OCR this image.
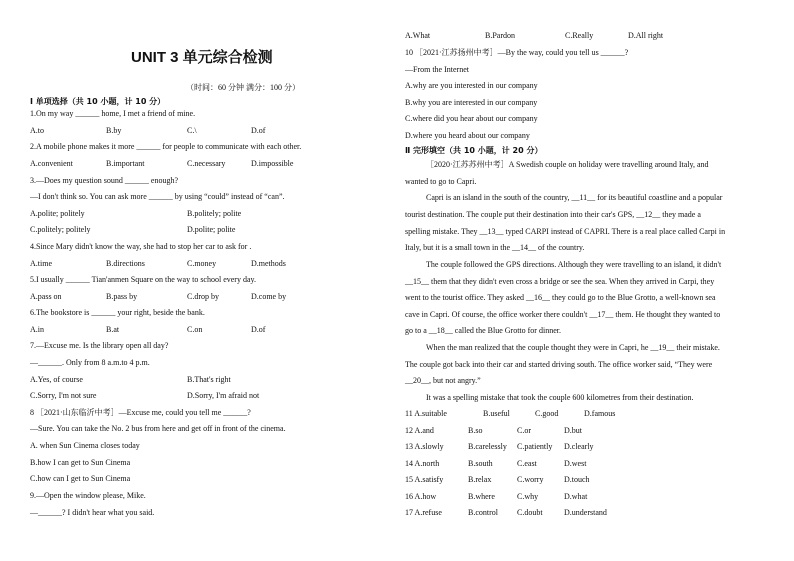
UNIT 3 单元综合检测
（时间：60 分钟 满分：100 分）
Ⅰ 单项选择（共 10 小题，计 10 分）
1.On my way ______ home, I met a friend of mine.
A.to	B.by	C.\	D.of
2.A mobile phone makes it more ______ for people to communicate with each other.
A.convenient	B.important	C.necessary	D.impossible
3.—Does my question sound ______ enough?
—I don't think so. You can ask more ______ by using “could” instead of “can”.
A.polite; politely	B.politely; polite
C.politely; politely	D.polite; polite
4.Since Mary didn't know the way, she had to stop her car to ask for .
A.time	B.directions	C.money	D.methods
5.I usually ______ Tian'anmen Square on the way to school every day.
A.pass on	B.pass by	C.drop by	D.come by
6.The bookstore is ______ your right, beside the bank.
A.in	B.at	C.on	D.of
7.—Excuse me. Is the library open all day?
—______. Only from 8 a.m.to 4 p.m.
A.Yes, of course	B.That's right
C.Sorry, I'm not sure	D.Sorry, I'm afraid not
8 ［2021·山东临沂中考］—Excuse me, could you tell me ______?
—Sure. You can take the No. 2 bus from here and get off in front of the cinema.
A. when Sun Cinema closes today
B.how I can get to Sun Cinema
C.how can I get to Sun Cinema
9.—Open the window please, Mike.
—______? I didn't hear what you said.
A.What	B.Pardon	C.Really	D.All right
10 ［2021·江苏扬州中考］—By the way, could you tell us ______?
—From the Internet
A.why are you interested in our company
B.why you are interested in our company
C.where did you hear about our company
D.where you heard about our company
Ⅱ 完形填空（共 10 小题，计 20 分）
［2020·江苏苏州中考］A Swedish couple on holiday were travelling around Italy, and
wanted to go to Capri.
Capri is an island in the south of the country, __11__ for its beautiful coastline and a popular
tourist destination. The couple put their destination into their car's GPS, __12__ they made a
spelling mistake. They __13__ typed CARPI instead of CAPRI. There is a real place called Carpi in
Italy, but it is a small town in the __14__ of the country.
The couple followed the GPS directions. Although they were travelling to an island, it didn't
__15__ them that they didn't even cross a bridge or see the sea. When they arrived in Carpi, they
went to the tourist office. They asked __16__ they could go to the Blue Grotto, a well-known sea
cave in Capri. Of course, the office worker there couldn't __17__ them. He thought they wanted to
go to a __18__ called the Blue Grotto for dinner.
When the man realized that the couple thought they were in Capri, he __19__ their mistake.
The couple got back into their car and started driving south. The office worker said, “They were
__20__, but not angry.”
It was a spelling mistake that took the couple 600 kilometres from their destination.
11 A.suitable	B.useful	C.good	D.famous
12 A.and	B.so	C.or	D.but
13 A.slowly	B.carelessly C.patiently D.clearly
14 A.north	B.south	C.east	D.west
15 A.satisfy	B.relax	C.worry	D.touch
16 A.how	B.where	C.why	D.what
17 A.refuse	B.control C.doubt	D.understand
